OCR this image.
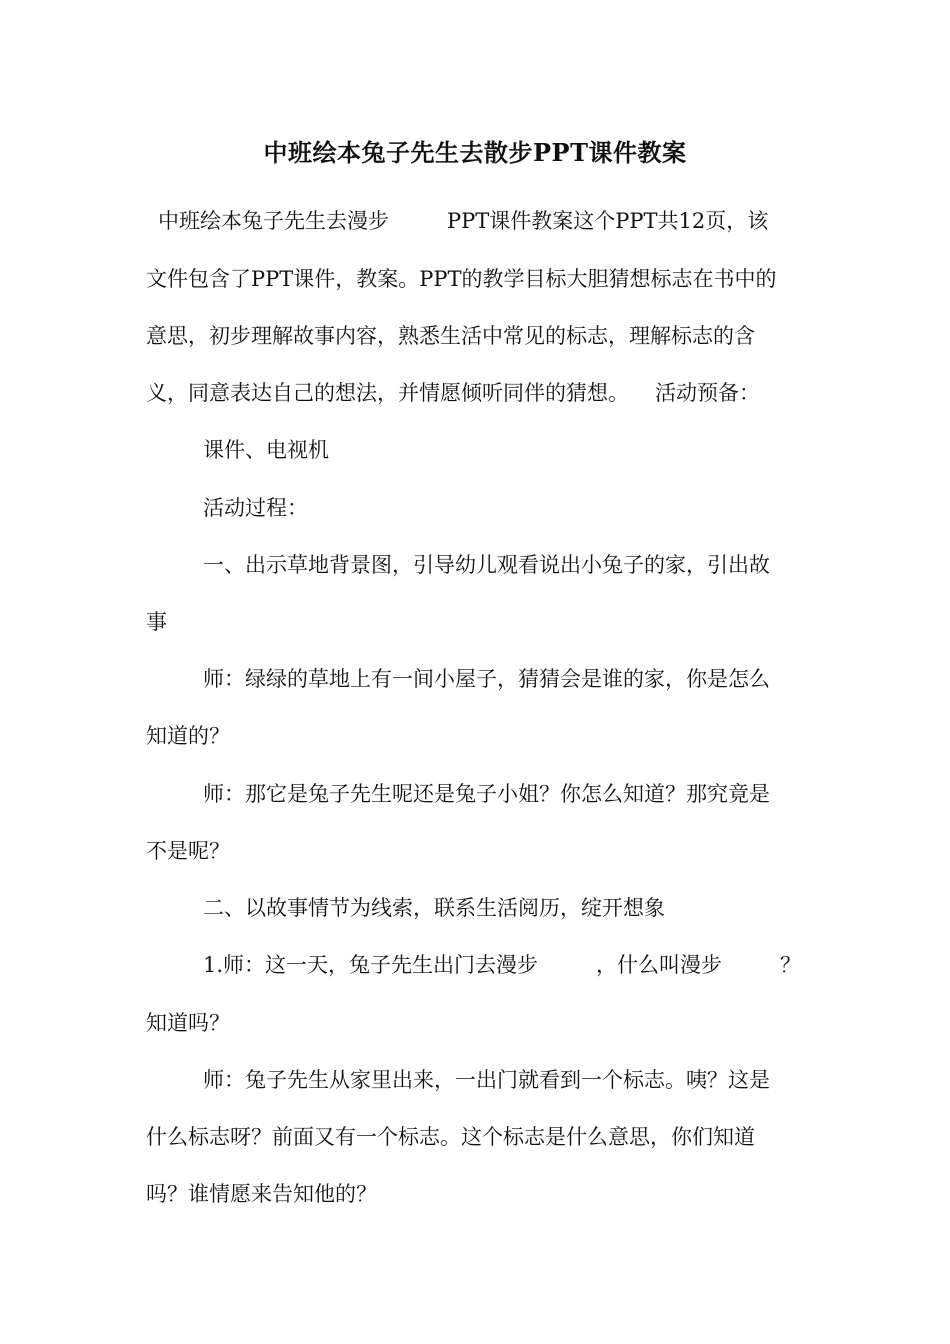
中班绘本兔子先生去散步PPT课件教案
中班绘本兔子先生去漫步	PPT课件教案这个PPT共12页，该
文件包含了PPT课件，教案。PPT的教学目标大胆猜想标志在书中的
意思，初步理解故事内容，熟悉生活中常见的标志，理解标志的含
义，同意表达自己的想法，并情愿倾听同伴的猜想。 活动预备：
课件、电视机
活动过程：
一、出示草地背景图，引导幼儿观看说出小兔子的家，引出故
事
师：绿绿的草地上有一间小屋子，猜猜会是谁的家，你是怎么
知道的？
师：那它是兔子先生呢还是兔子小姐？你怎么知道？那究竟是
不是呢？
二、以故事情节为线索，联系生活阅历，绽开想象
1.师：这一天，兔子先生出门去漫步	，什么叫漫步	？
知道吗？
师：兔子先生从家里出来，一出门就看到一个标志。咦？这是
什么标志呀？前面又有一个标志。这个标志是什么意思，你们知道
吗？谁情愿来告知他的？
